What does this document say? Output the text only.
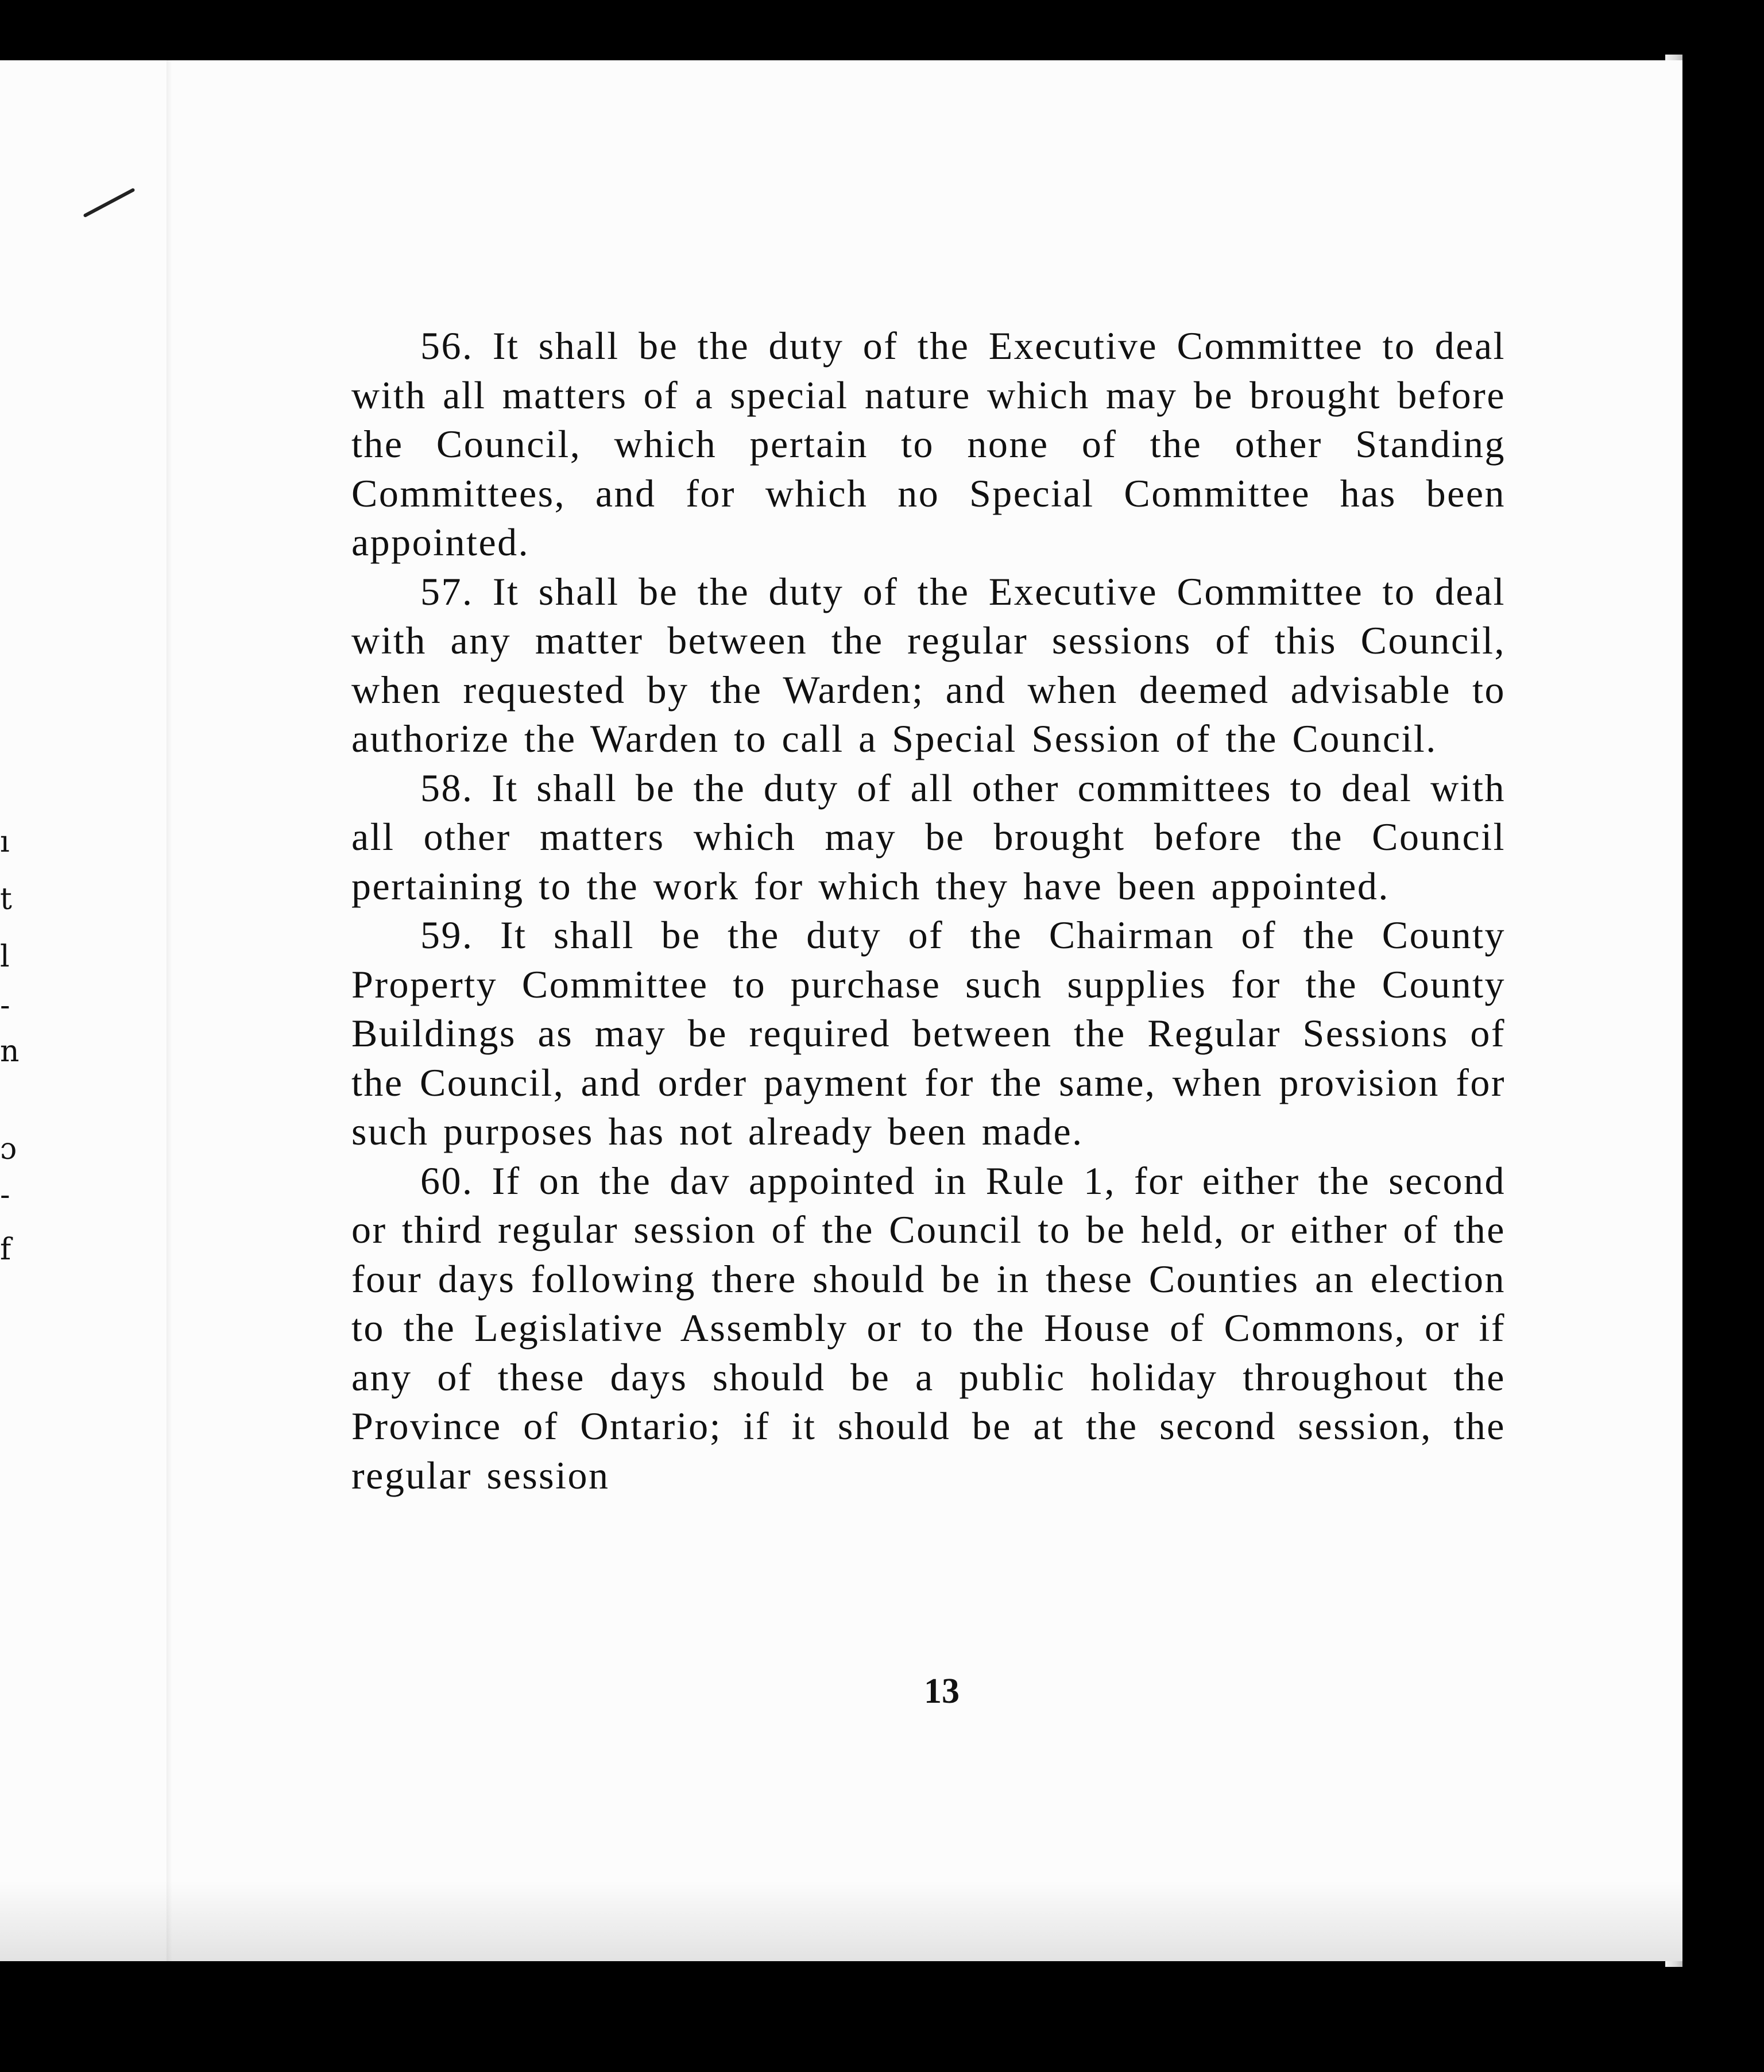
ı
t
l
-
n
ɔ
-
f

56. It shall be the duty of the Executive Committee to deal with all matters of a special nature which may be brought before the Council, which pertain to none of the other Standing Committees, and for which no Special Committee has been appointed.

57. It shall be the duty of the Executive Committee to deal with any matter between the regular sessions of this Council, when requested by the Warden; and when deemed advisable to authorize the Warden to call a Special Session of the Council.

58. It shall be the duty of all other committees to deal with all other matters which may be brought before the Council pertaining to the work for which they have been appointed.

59. It shall be the duty of the Chairman of the County Property Committee to purchase such supplies for the County Buildings as may be required between the Regular Sessions of the Council, and order payment for the same, when provision for such purposes has not already been made.

60. If on the dav appointed in Rule 1, for either the second or third regular session of the Council to be held, or either of the four days following there should be in these Counties an election to the Legislative Assembly or to the House of Commons, or if any of these days should be a public holiday throughout the Province of Ontario; if it should be at the second session, the regular session

13
